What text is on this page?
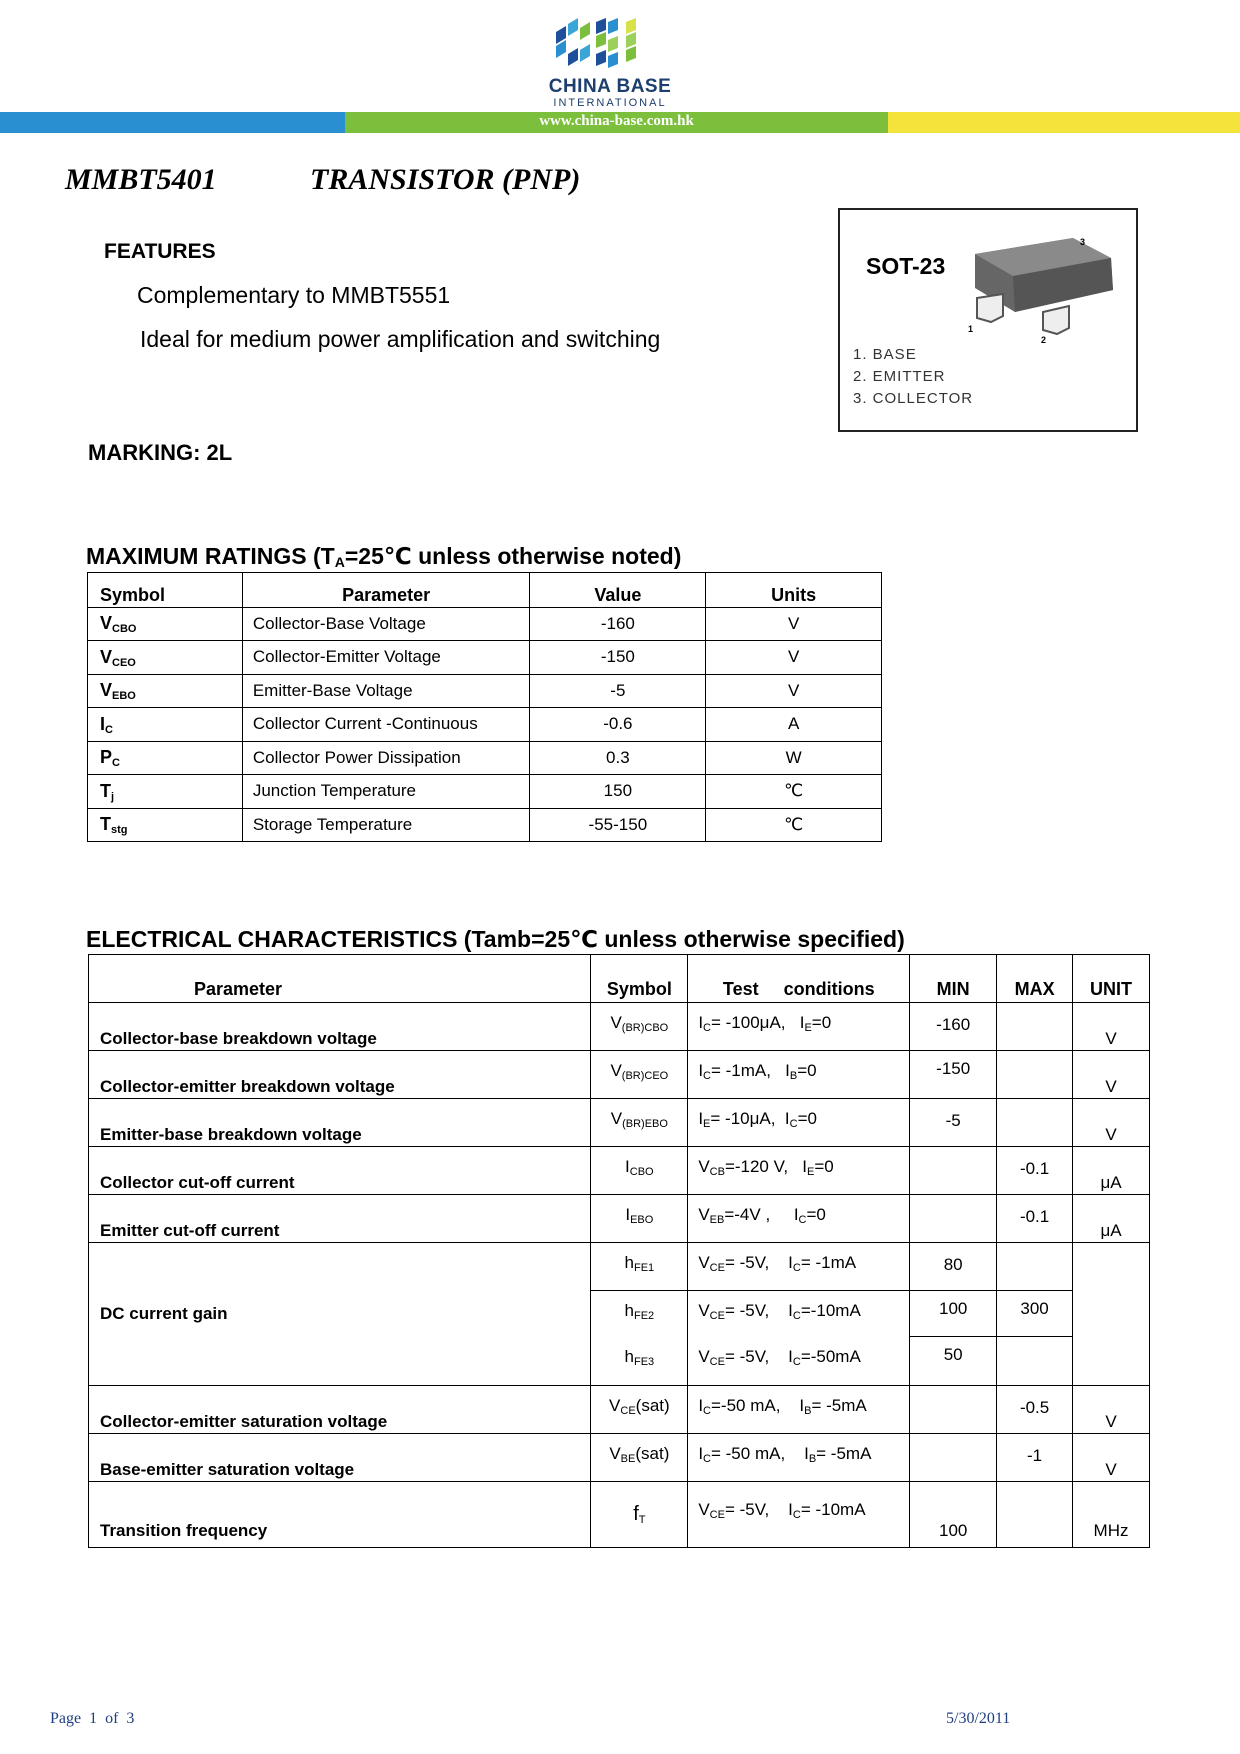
CHINA BASE
INTERNATIONAL
www.china-base.com.hk
MMBT5401	TRANSISTOR (PNP)
FEATURES
Complementary to MMBT5551
Ideal for medium power amplification and switching
MARKING: 2L
SOT-23
3
1
2
1. BASE
2. EMITTER
3. COLLECTOR
MAXIMUM RATINGS ($T_A=25℃$ unless otherwise noted)
Symbol	Parameter	Value	Units
$V_{CBO}$	Collector-Base Voltage	-160	V
$V_{CEO}$	Collector-Emitter Voltage	-150	V
$V_{EBO}$	Emitter-Base Voltage	-5	V
$I_C$	Collector Current -Continuous	-0.6	A
$P_C$	Collector Power Dissipation	0.3	W
$T_j$	Junction Temperature	150	℃
$T_{stg}$	Storage Temperature	-55-150	℃
ELECTRICAL CHARACTERISTICS (Tamb=25℃ unless otherwise specified)
Parameter	Symbol	Test     conditions	MIN	MAX	UNIT
Collector-base breakdown voltage	$V_{(BR)CBO}$	$I_C= -100\mu A$, $I_E=0$	-160		V
Collector-emitter breakdown voltage	$V_{(BR)CEO}$	$I_C= -1mA$, $I_B=0$	-150		V
Emitter-base breakdown voltage	$V_{(BR)EBO}$	$I_E= -10\mu A$, $I_C=0$	-5		V
Collector cut-off current	$I_{CBO}$	$V_{CB}=-120$ V, $I_E=0$		-0.1	μA
Emitter cut-off current	$I_{EBO}$	$V_{EB}=-4V$ , $I_C=0$		-0.1	μA
DC current gain	$h_{FE1}$	$V_{CE}= -5V$, $I_C= -1mA$	80		
	$h_{FE2}$	$V_{CE}= -5V$, $I_C=-10mA$	100	300	
	$h_{FE3}$	$V_{CE}= -5V$, $I_C=-50mA$	50		
Collector-emitter saturation voltage	$V_{CE}(sat)$	$I_C=-50$ mA, $I_B= -5mA$		-0.5	V
Base-emitter saturation voltage	$V_{BE}(sat)$	$I_C= -50$ mA, $I_B= -5mA$		-1	V
Transition frequency	$f_T$	$V_{CE}= -5V$, $I_C= -10mA$	100		MHz
Page  1  of  3	5/30/2011
